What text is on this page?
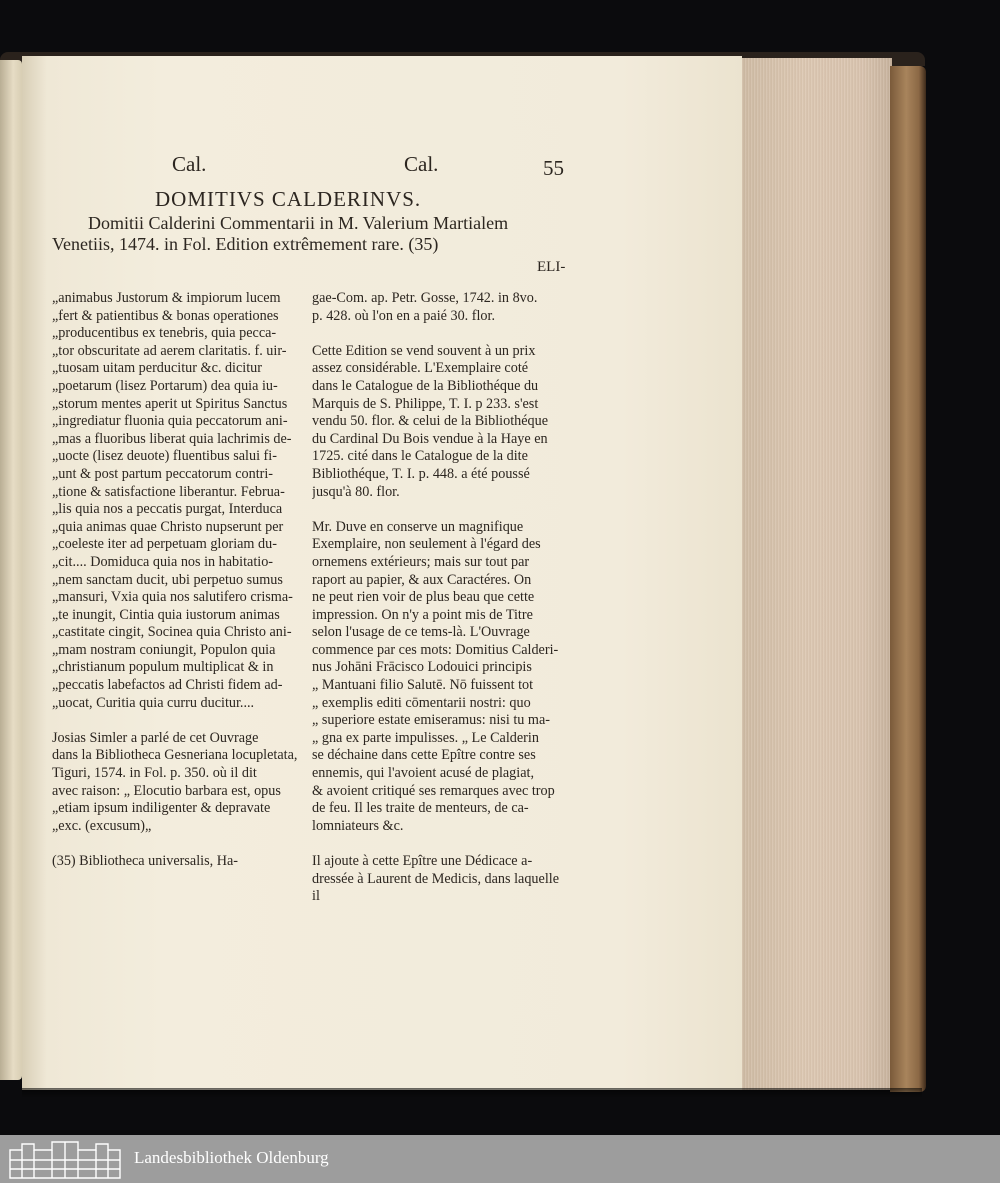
Cal.	Cal.	55
DOMITIVS CALDERINVS.
Domitii Calderini Commentarii in M. Valerium Martialem
Venetiis, 1474. in Fol. Edition extrêmement rare. (35)
ELI-
„animabus Justorum & impiorum lucem
„fert & patientibus & bonas operationes
„producentibus ex tenebris, quia pecca-
„tor obscuritate ad aerem claritatis. f. uir-
„tuosam uitam perducitur &c. dicitur
„poetarum (lisez Portarum) dea quia iu-
„storum mentes aperit ut Spiritus Sanctus
„ingrediatur fluonia quia peccatorum ani-
„mas a fluoribus liberat quia lachrimis de-
„uocte (lisez deuote) fluentibus salui fi-
„unt & post partum peccatorum contri-
„tione & satisfactione liberantur. Februa-
„lis quia nos a peccatis purgat, Interduca
„quia animas quae Christo nupserunt per
„coeleste iter ad perpetuam gloriam du-
„cit.... Domiduca quia nos in habitatio-
„nem sanctam ducit, ubi perpetuo sumus
„mansuri, Vxia quia nos salutifero crisma-
„te inungit, Cintia quia iustorum animas
„castitate cingit, Socinea quia Christo ani-
„mam nostram coniungit, Populon quia
„christianum populum multiplicat & in
„peccatis labefactos ad Christi fidem ad-
„uocat, Curitia quia curru ducitur....
Josias Simler a parlé de cet Ouvrage
dans la Bibliotheca Gesneriana locupletata,
Tiguri, 1574. in Fol. p. 350. où il dit
avec raison: „ Elocutio barbara est, opus
„etiam ipsum indiligenter & depravate
„exc. (excusum)„
(35) Bibliotheca universalis, Ha-
gae-Com. ap. Petr. Gosse, 1742. in 8vo.
p. 428. où l'on en a paié 30. flor.
Cette Edition se vend souvent à un prix
assez considérable. L'Exemplaire coté
dans le Catalogue de la Bibliothéque du
Marquis de S. Philippe, T. I. p 233. s'est
vendu 50. flor. & celui de la Bibliothéque
du Cardinal Du Bois vendue à la Haye en
1725. cité dans le Catalogue de la dite
Bibliothéque, T. I. p. 448. a été poussé
jusqu'à 80. flor.
Mr. Duve en conserve un magnifique
Exemplaire, non seulement à l'égard des
ornemens extérieurs; mais sur tout par
raport au papier, & aux Caractéres. On
ne peut rien voir de plus beau que cette
impression. On n'y a point mis de Titre
selon l'usage de ce tems-là. L'Ouvrage
commence par ces mots: Domitius Calderi-
nus Johāni Frācisco Lodouici principis
„ Mantuani filio Salutē. Nō fuissent tot
„ exemplis editi cōmentarii nostri: quo
„ superiore estate emiseramus: nisi tu ma-
„ gna ex parte impulisses. „ Le Calderin
se déchaine dans cette Epître contre ses
ennemis, qui l'avoient acusé de plagiat,
& avoient critiqué ses remarques avec trop
de feu. Il les traite de menteurs, de ca-
lomniateurs &c.
Il ajoute à cette Epître une Dédicace a-
dressée à Laurent de Medicis, dans laquelle
il
Landesbibliothek Oldenburg
